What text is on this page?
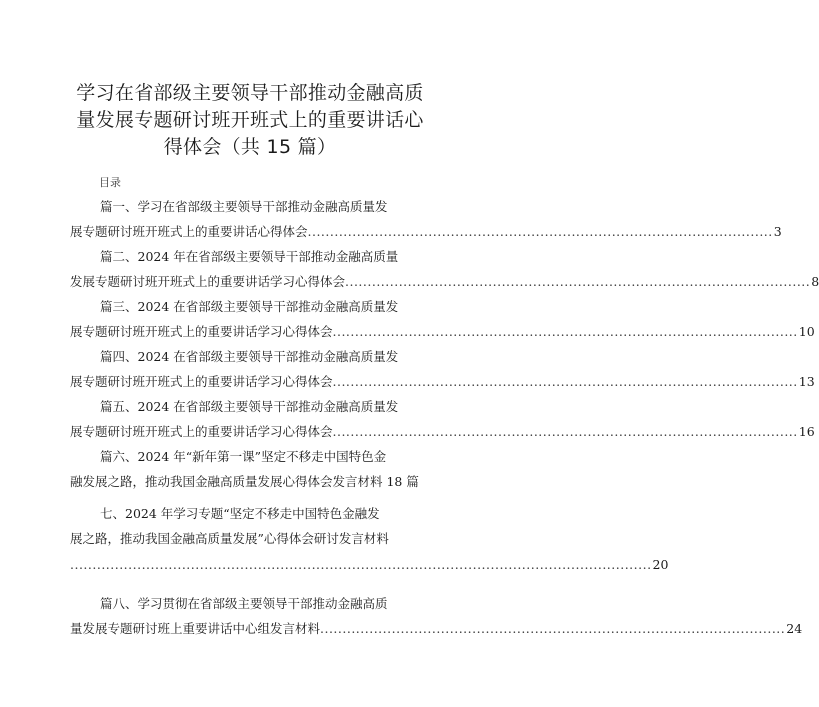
学习在省部级主要领导干部推动金融高质
量发展专题研讨班开班式上的重要讲话心
得体会（共 15 篇）
目录
篇一、学习在省部级主要领导干部推动金融高质量发
展专题研讨班开班式上的重要讲话心得体会 ........................................................................................................ 3
篇二、2024 年在省部级主要领导干部推动金融高质量
发展专题研讨班开班式上的重要讲话学习心得体会 ........................................................................................................ 8
篇三、2024 在省部级主要领导干部推动金融高质量发
展专题研讨班开班式上的重要讲话学习心得体会 ........................................................................................................ 10
篇四、2024 在省部级主要领导干部推动金融高质量发
展专题研讨班开班式上的重要讲话学习心得体会 ........................................................................................................ 13
篇五、2024 在省部级主要领导干部推动金融高质量发
展专题研讨班开班式上的重要讲话学习心得体会 ........................................................................................................ 16
篇六、2024 年“新年第一课”坚定不移走中国特色金
融发展之路，推动我国金融高质量发展心得体会发言材料 18 篇
七、2024 年学习专题“坚定不移走中国特色金融发
展之路，推动我国金融高质量发展”心得体会研讨发言材料
.................................................................................................................................. 20
篇八、学习贯彻在省部级主要领导干部推动金融高质
量发展专题研讨班上重要讲话中心组发言材料 ........................................................................................................ 24
